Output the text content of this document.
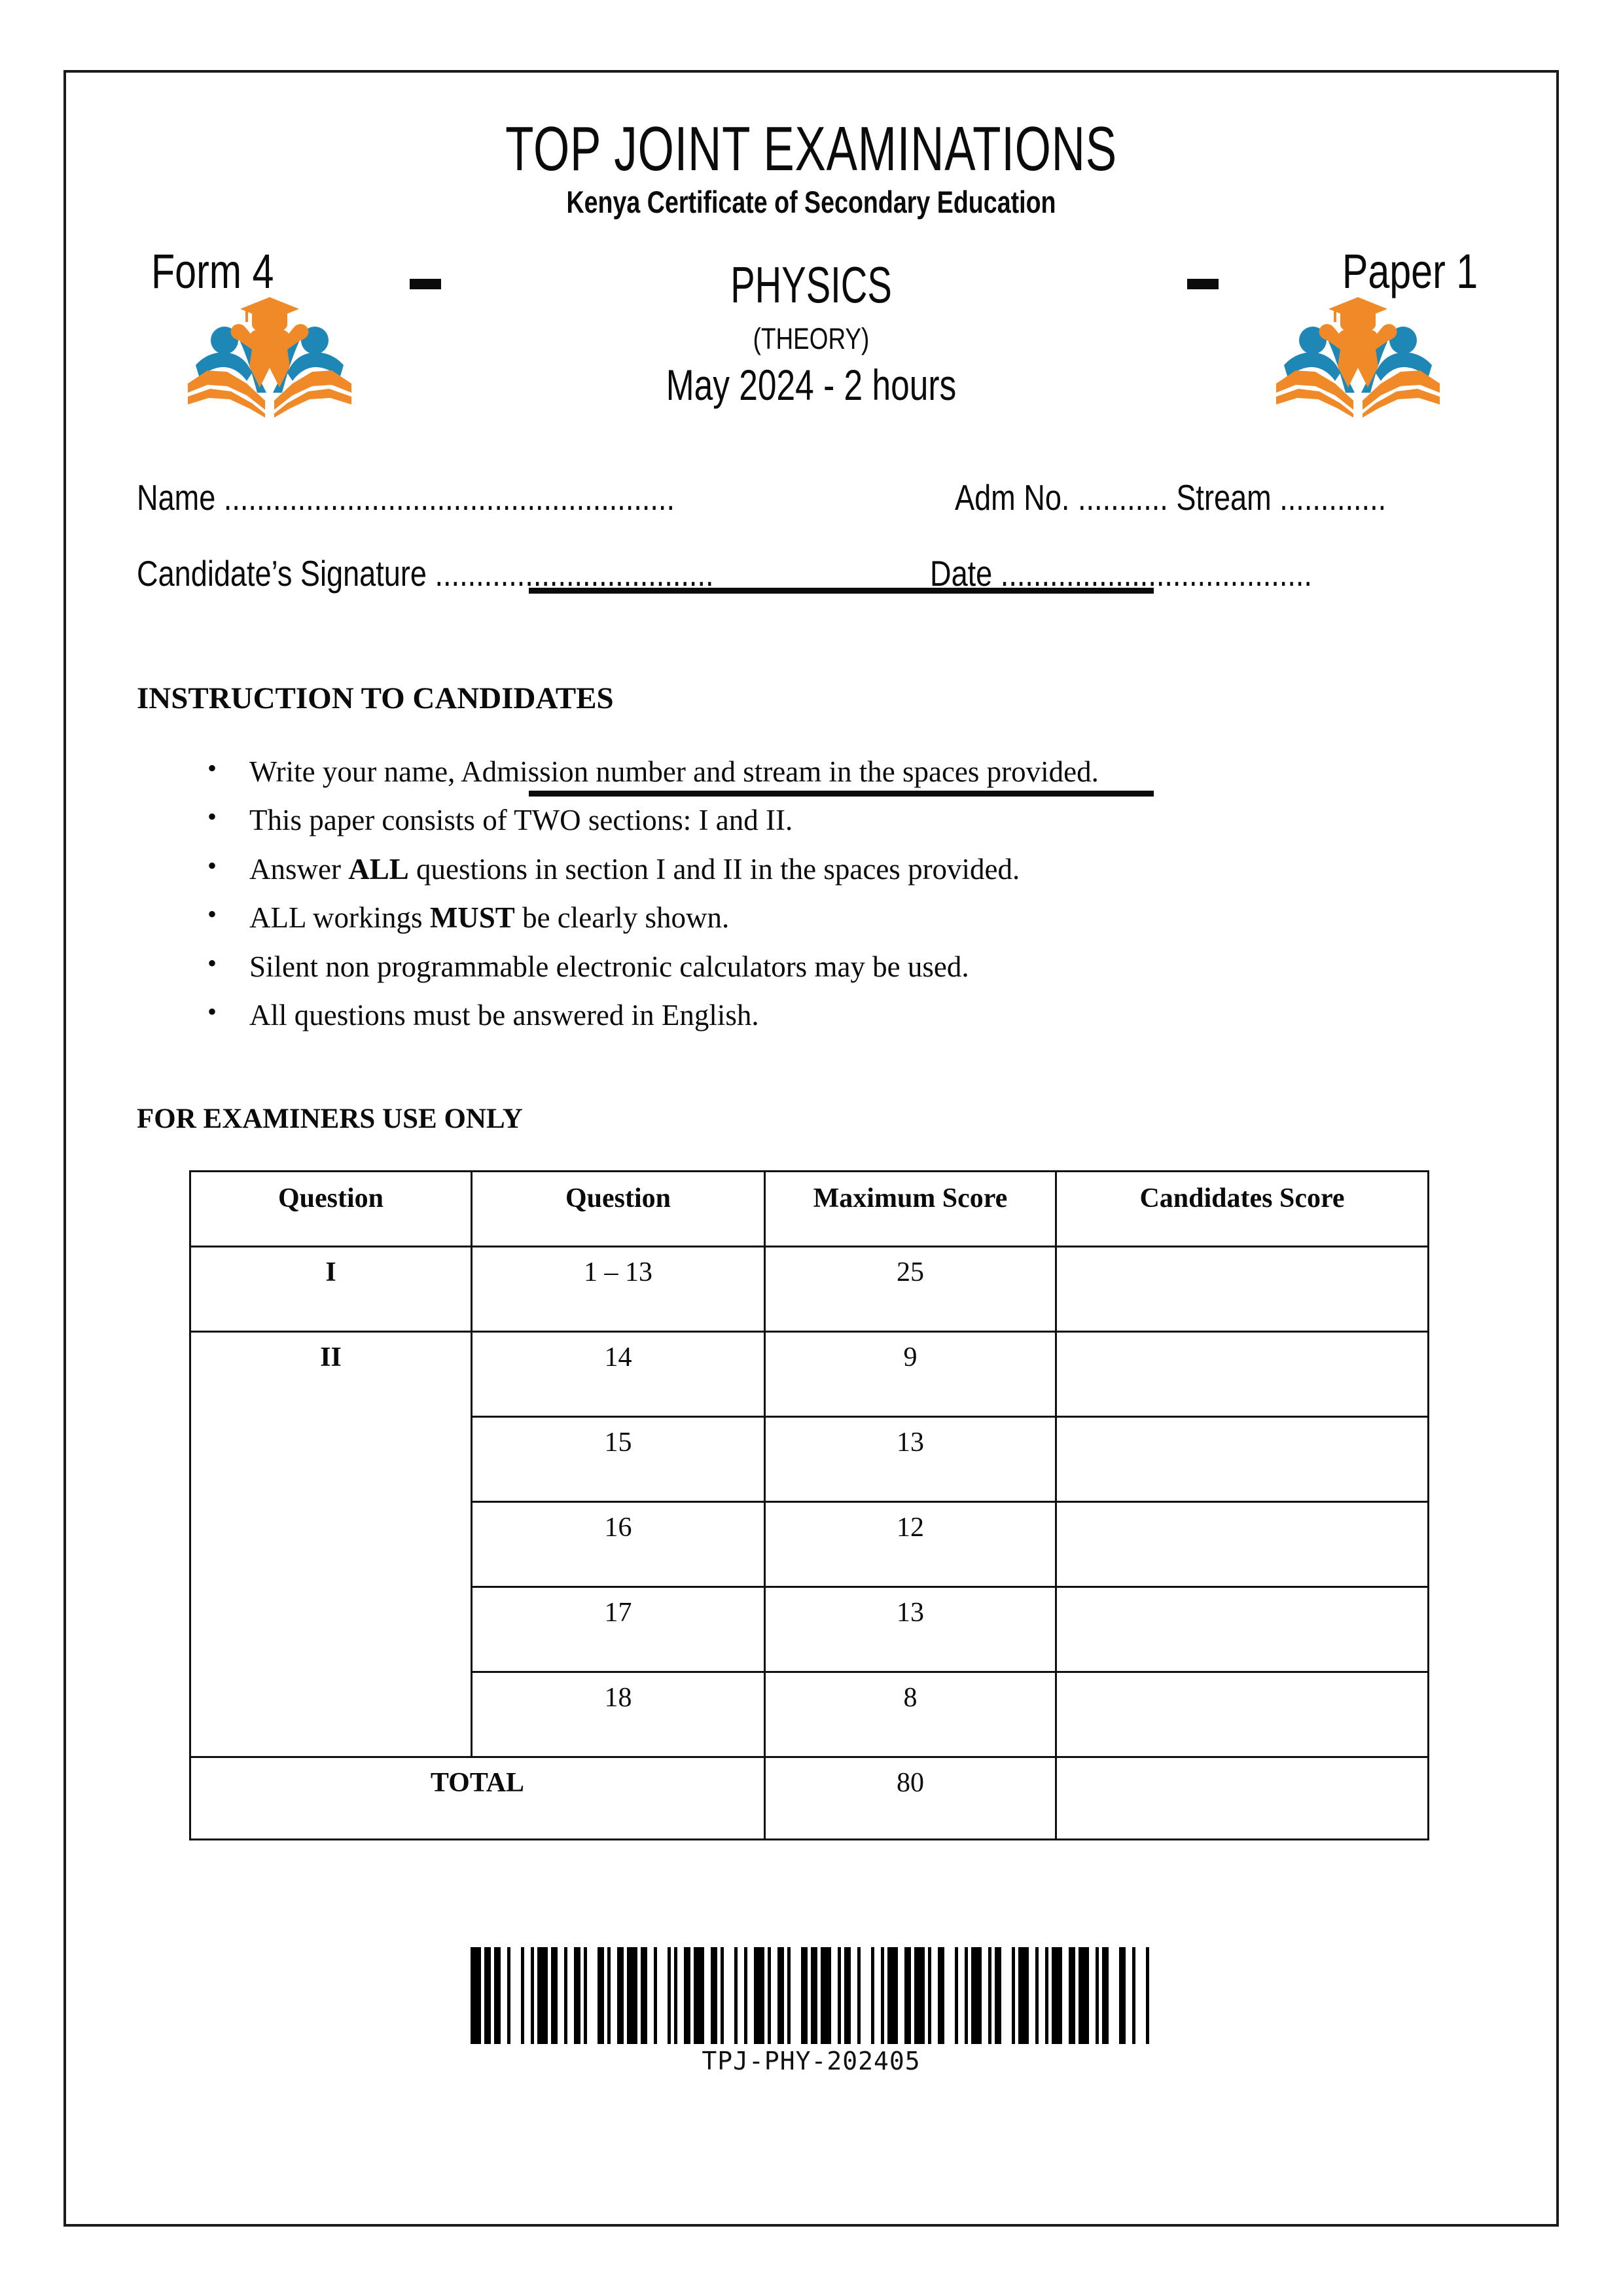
TOP JOINT EXAMINATIONS
Kenya Certificate of Secondary Education
Form 4	PHYSICS
(THEORY)
May 2024 - 2 hours
Paper 1
Name .......................................................	Adm No. ........... Stream .............
Candidate’s Signature ..................................	Date ......................................
INSTRUCTION TO CANDIDATES
• Write your name, Admission number and stream in the spaces provided.
• This paper consists of TWO sections: I and II.
• Answer ALL questions in section I and II in the spaces provided.
• ALL workings MUST be clearly shown.
• Silent non programmable electronic calculators may be used.
• All questions must be answered in English.
FOR EXAMINERS USE ONLY
Question	Question	Maximum Score	Candidates Score
I	1 – 13	25	
II	14	9	
	15	13	
	16	12	
	17	13	
	18	8	
TOTAL		80	
TPJ-PHY-202405
